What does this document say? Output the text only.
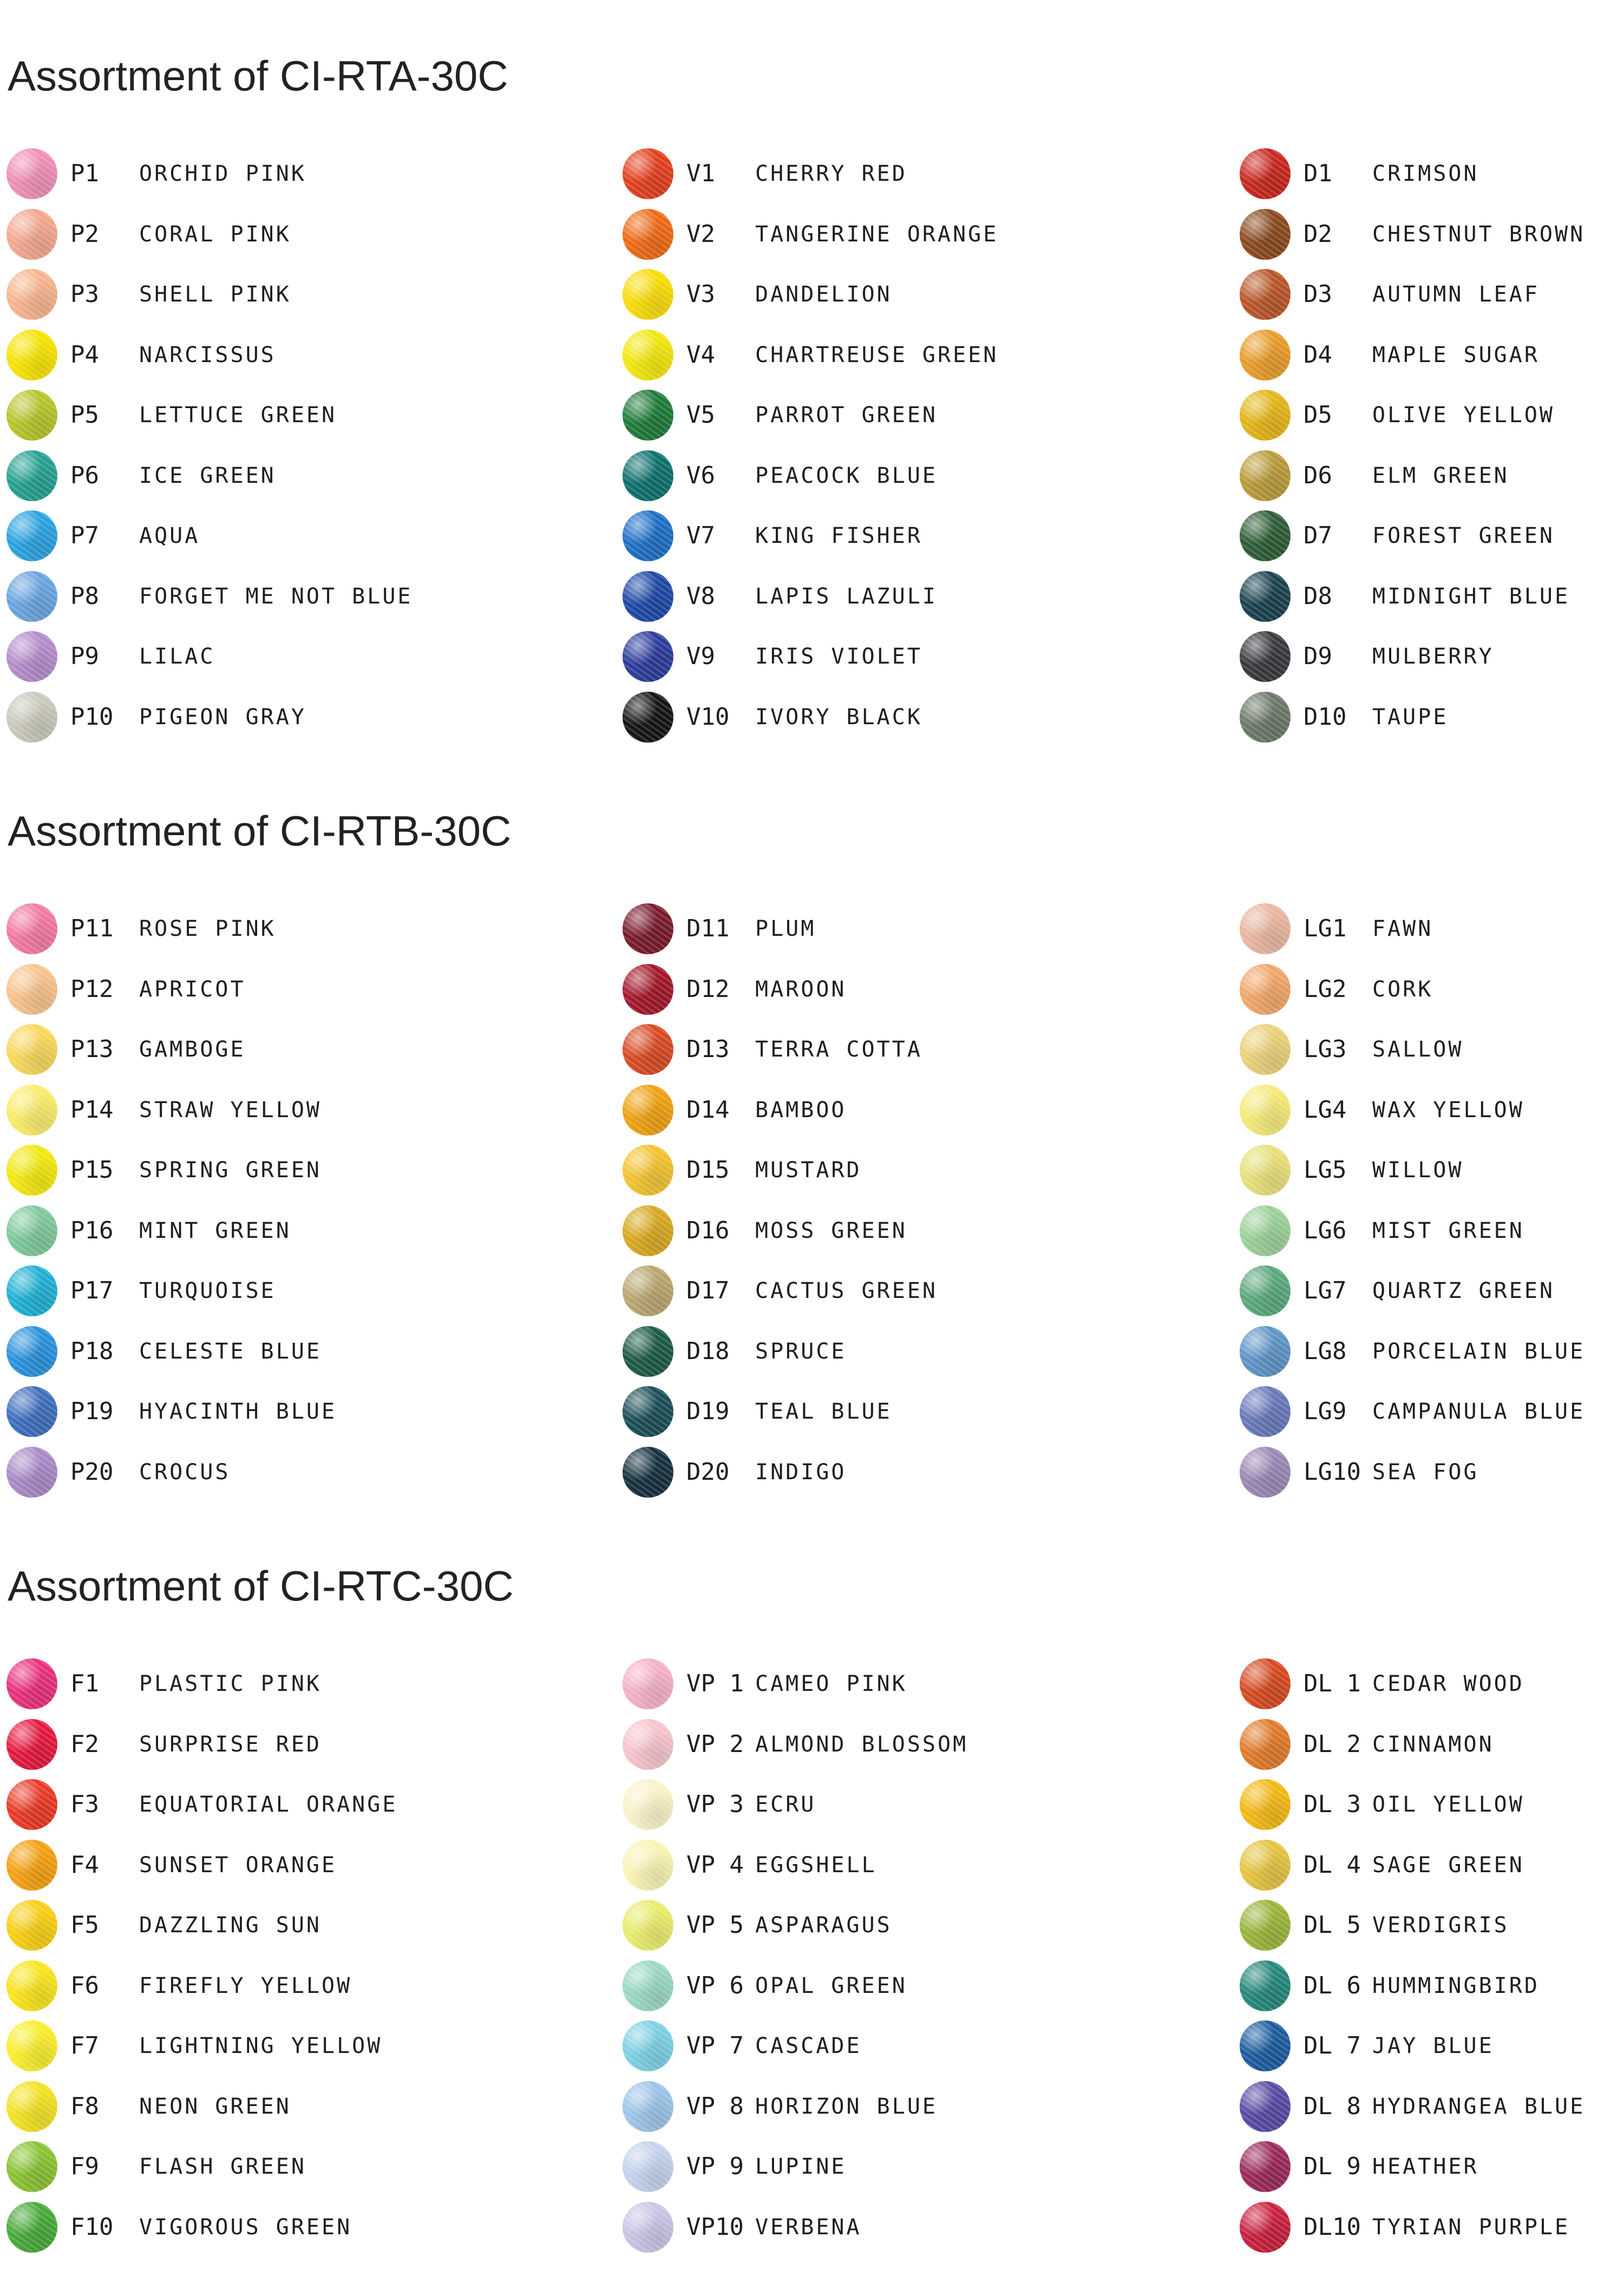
Assortment of CI-RTA-30C
P1 ORCHID PINK
P2 CORAL PINK
P3 SHELL PINK
P4 NARCISSUS
P5 LETTUCE GREEN
P6 ICE GREEN
P7 AQUA
P8 FORGET ME NOT BLUE
P9 LILAC
P10 PIGEON GRAY
V1 CHERRY RED
V2 TANGERINE ORANGE
V3 DANDELION
V4 CHARTREUSE GREEN
V5 PARROT GREEN
V6 PEACOCK BLUE
V7 KING FISHER
V8 LAPIS LAZULI
V9 IRIS VIOLET
V10 IVORY BLACK
D1 CRIMSON
D2 CHESTNUT BROWN
D3 AUTUMN LEAF
D4 MAPLE SUGAR
D5 OLIVE YELLOW
D6 ELM GREEN
D7 FOREST GREEN
D8 MIDNIGHT BLUE
D9 MULBERRY
D10 TAUPE
Assortment of CI-RTB-30C
P11 ROSE PINK
P12 APRICOT
P13 GAMBOGE
P14 STRAW YELLOW
P15 SPRING GREEN
P16 MINT GREEN
P17 TURQUOISE
P18 CELESTE BLUE
P19 HYACINTH BLUE
P20 CROCUS
D11 PLUM
D12 MAROON
D13 TERRA COTTA
D14 BAMBOO
D15 MUSTARD
D16 MOSS GREEN
D17 CACTUS GREEN
D18 SPRUCE
D19 TEAL BLUE
D20 INDIGO
LG1 FAWN
LG2 CORK
LG3 SALLOW
LG4 WAX YELLOW
LG5 WILLOW
LG6 MIST GREEN
LG7 QUARTZ GREEN
LG8 PORCELAIN BLUE
LG9 CAMPANULA BLUE
LG10 SEA FOG
Assortment of CI-RTC-30C
F1 PLASTIC PINK
F2 SURPRISE RED
F3 EQUATORIAL ORANGE
F4 SUNSET ORANGE
F5 DAZZLING SUN
F6 FIREFLY YELLOW
F7 LIGHTNING YELLOW
F8 NEON GREEN
F9 FLASH GREEN
F10 VIGOROUS GREEN
VP 1 CAMEO PINK
VP 2 ALMOND BLOSSOM
VP 3 ECRU
VP 4 EGGSHELL
VP 5 ASPARAGUS
VP 6 OPAL GREEN
VP 7 CASCADE
VP 8 HORIZON BLUE
VP 9 LUPINE
VP10 VERBENA
DL 1 CEDAR WOOD
DL 2 CINNAMON
DL 3 OIL YELLOW
DL 4 SAGE GREEN
DL 5 VERDIGRIS
DL 6 HUMMINGBIRD
DL 7 JAY BLUE
DL 8 HYDRANGEA BLUE
DL 9 HEATHER
DL10 TYRIAN PURPLE
